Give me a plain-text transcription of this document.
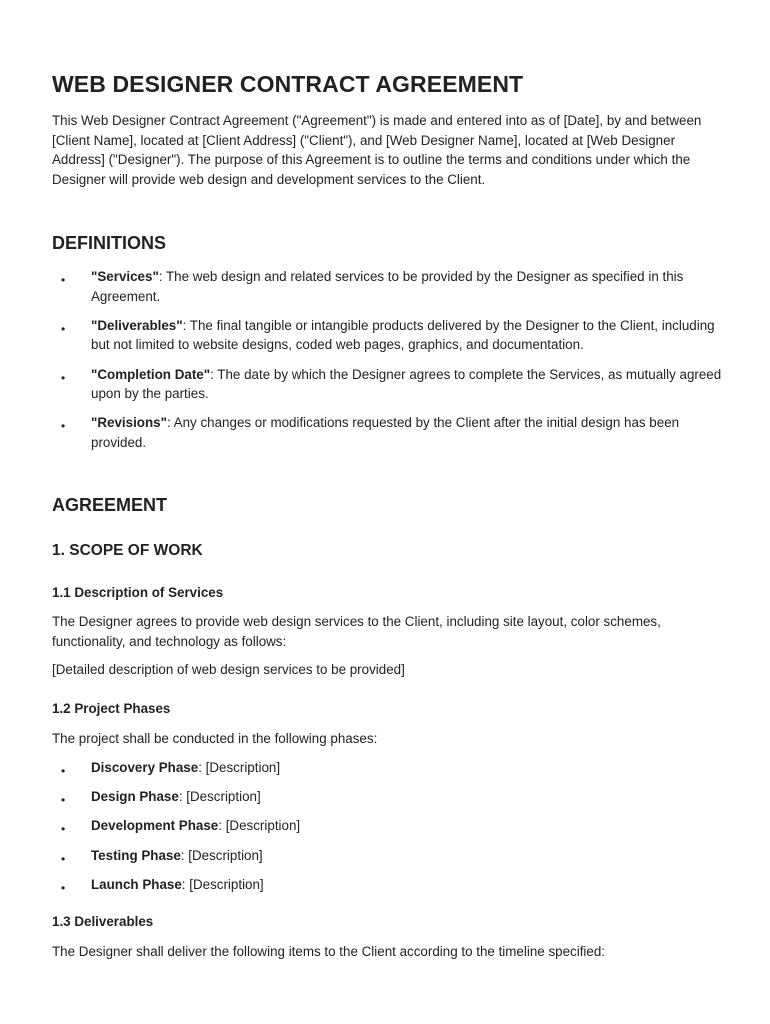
WEB DESIGNER CONTRACT AGREEMENT

This Web Designer Contract Agreement ("Agreement") is made and entered into as of [Date], by and between [Client Name], located at [Client Address] ("Client"), and [Web Designer Name], located at [Web Designer Address] ("Designer"). The purpose of this Agreement is to outline the terms and conditions under which the Designer will provide web design and development services to the Client.

DEFINITIONS
• "Services": The web design and related services to be provided by the Designer as specified in this Agreement.
• "Deliverables": The final tangible or intangible products delivered by the Designer to the Client, including but not limited to website designs, coded web pages, graphics, and documentation.
• "Completion Date": The date by which the Designer agrees to complete the Services, as mutually agreed upon by the parties.
• "Revisions": Any changes or modifications requested by the Client after the initial design has been provided.
AGREEMENT
1. SCOPE OF WORK
1.1 Description of Services

The Designer agrees to provide web design services to the Client, including site layout, color schemes, functionality, and technology as follows:

[Detailed description of web design services to be provided]

1.2 Project Phases

The project shall be conducted in the following phases:

• Discovery Phase: [Description]
• Design Phase: [Description]
• Development Phase: [Description]
• Testing Phase: [Description]
• Launch Phase: [Description]
1.3 Deliverables

The Designer shall deliver the following items to the Client according to the timeline specified:
